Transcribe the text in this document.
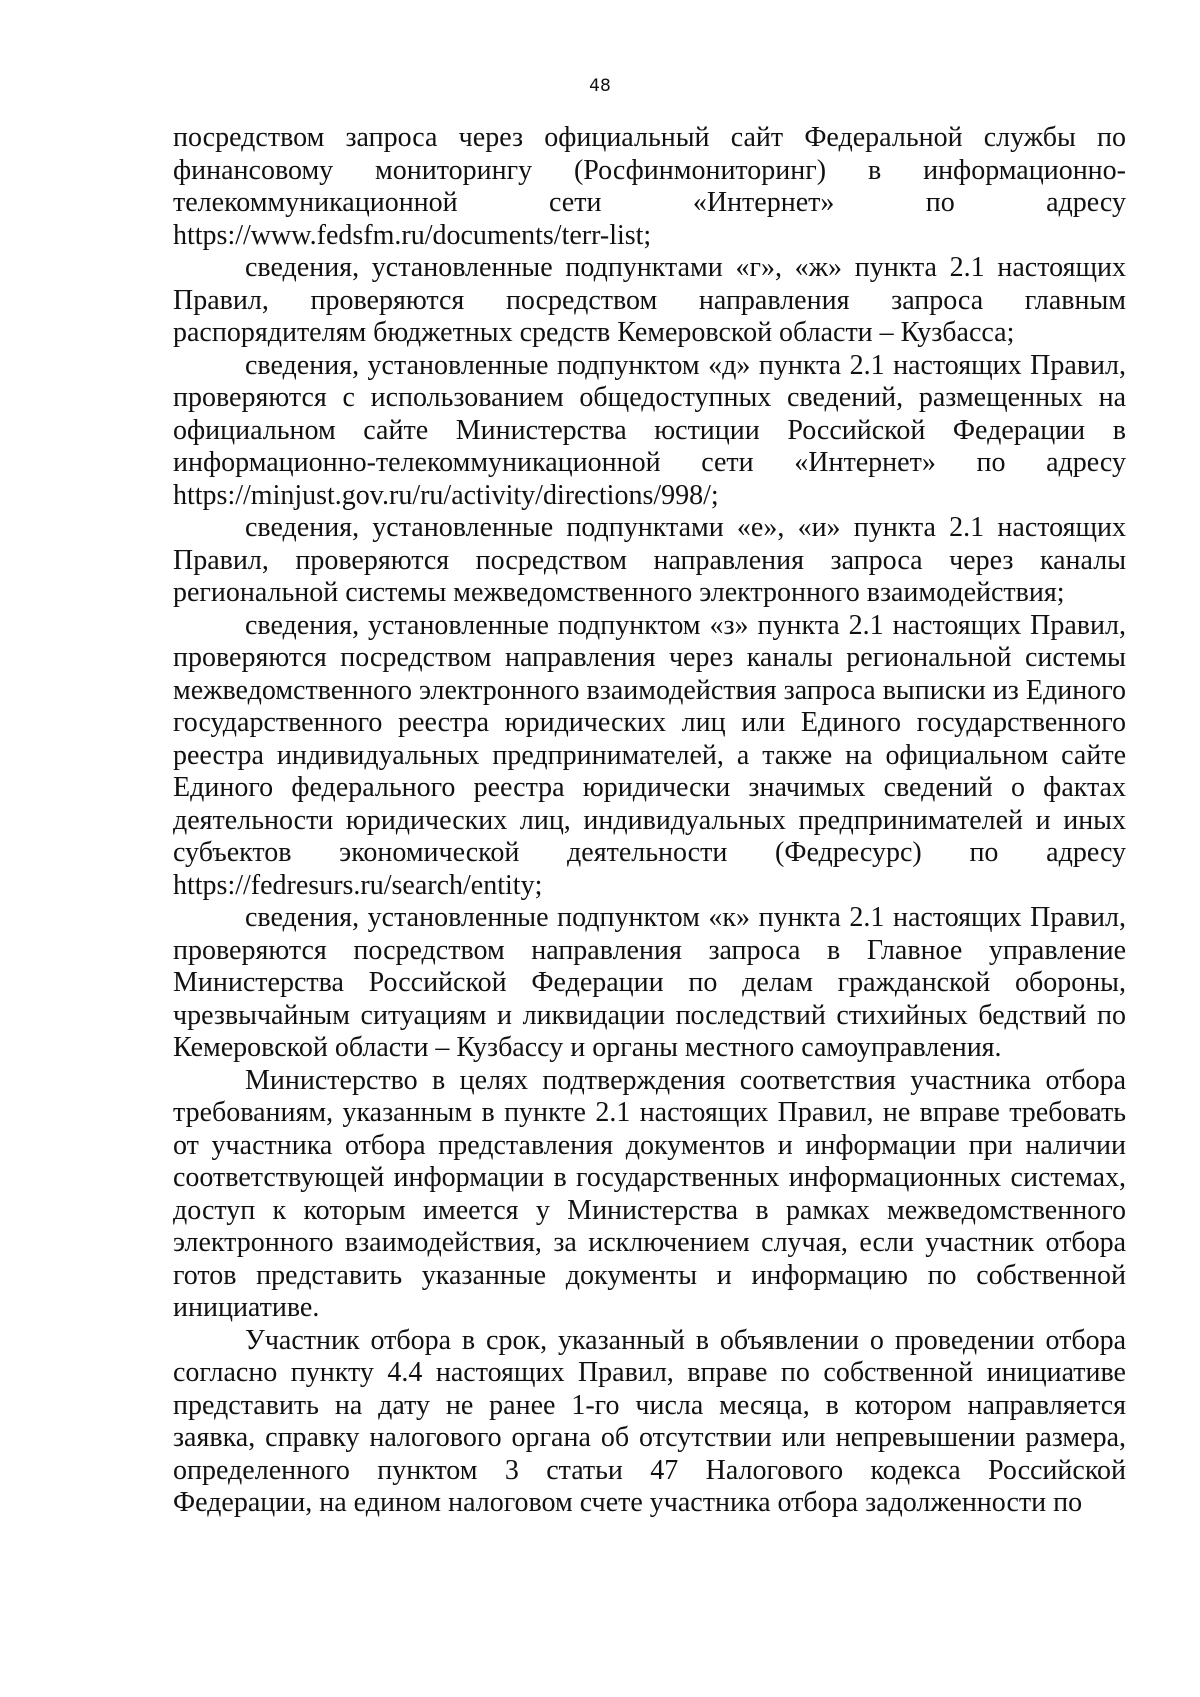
48

посредством запроса через официальный сайт Федеральной службы по финансовому мониторингу (Росфинмониторинг) в информационно-телекоммуникационной сети «Интернет» по адресу https://www.fedsfm.ru/documents/terr-list;

сведения, установленные подпунктами «г», «ж» пункта 2.1 настоящих Правил, проверяются посредством направления запроса главным распорядителям бюджетных средств Кемеровской области – Кузбасса;

сведения, установленные подпунктом «д» пункта 2.1 настоящих Правил, проверяются с использованием общедоступных сведений, размещенных на официальном сайте Министерства юстиции Российской Федерации в информационно-телекоммуникационной сети «Интернет» по адресу https://minjust.gov.ru/ru/activity/directions/998/;

сведения, установленные подпунктами «е», «и» пункта 2.1 настоящих Правил, проверяются посредством направления запроса через каналы региональной системы межведомственного электронного взаимодействия;

сведения, установленные подпунктом «з» пункта 2.1 настоящих Правил, проверяются посредством направления через каналы региональной системы межведомственного электронного взаимодействия запроса выписки из Единого государственного реестра юридических лиц или Единого государственного реестра индивидуальных предпринимателей, а также на официальном сайте Единого федерального реестра юридически значимых сведений о фактах деятельности юридических лиц, индивидуальных предпринимателей и иных субъектов экономической деятельности (Федресурс) по адресу https://fedresurs.ru/search/entity;

сведения, установленные подпунктом «к» пункта 2.1 настоящих Правил, проверяются посредством направления запроса в Главное управление Министерства Российской Федерации по делам гражданской обороны, чрезвычайным ситуациям и ликвидации последствий стихийных бедствий по Кемеровской области – Кузбассу и органы местного самоуправления.

Министерство в целях подтверждения соответствия участника отбора требованиям, указанным в пункте 2.1 настоящих Правил, не вправе требовать от участника отбора представления документов и информации при наличии соответствующей информации в государственных информационных системах, доступ к которым имеется у Министерства в рамках межведомственного электронного взаимодействия, за исключением случая, если участник отбора готов представить указанные документы и информацию по собственной инициативе.

Участник отбора в срок, указанный в объявлении о проведении отбора согласно пункту 4.4 настоящих Правил, вправе по собственной инициативе представить на дату не ранее 1-го числа месяца, в котором направляется заявка, справку налогового органа об отсутствии или непревышении размера, определенного пунктом 3 статьи 47 Налогового кодекса Российской Федерации, на едином налоговом счете участника отбора задолженности по
